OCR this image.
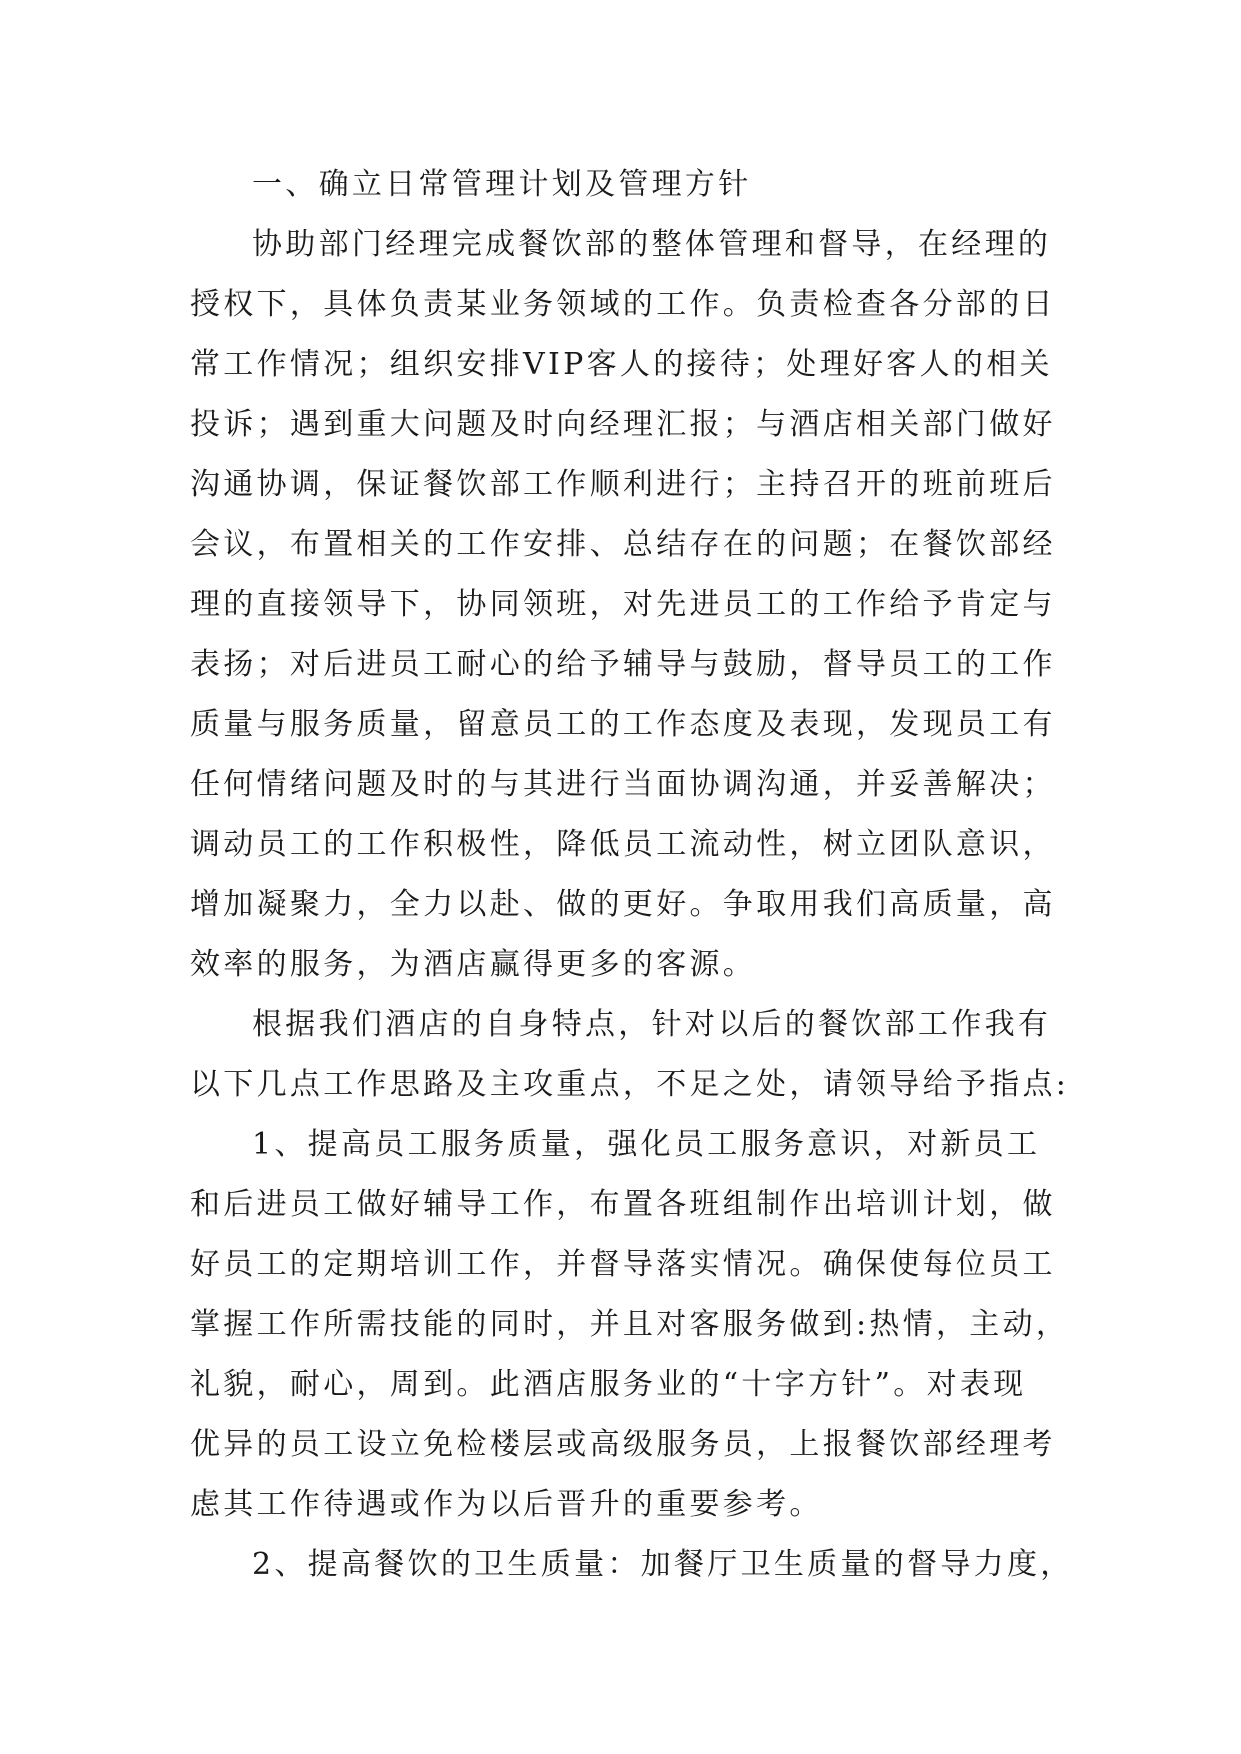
一、确立日常管理计划及管理方针
协助部门经理完成餐饮部的整体管理和督导，在经理的
授权下，具体负责某业务领域的工作。负责检查各分部的日
常工作情况；组织安排VIP客人的接待；处理好客人的相关
投诉；遇到重大问题及时向经理汇报；与酒店相关部门做好
沟通协调，保证餐饮部工作顺利进行；主持召开的班前班后
会议，布置相关的工作安排、总结存在的问题；在餐饮部经
理的直接领导下，协同领班，对先进员工的工作给予肯定与
表扬；对后进员工耐心的给予辅导与鼓励，督导员工的工作
质量与服务质量，留意员工的工作态度及表现，发现员工有
任何情绪问题及时的与其进行当面协调沟通，并妥善解决；
调动员工的工作积极性，降低员工流动性，树立团队意识，
增加凝聚力，全力以赴、做的更好。争取用我们高质量，高
效率的服务，为酒店赢得更多的客源。
根据我们酒店的自身特点，针对以后的餐饮部工作我有
以下几点工作思路及主攻重点，不足之处，请领导给予指点:
1、提高员工服务质量，强化员工服务意识，对新员工
和后进员工做好辅导工作，布置各班组制作出培训计划，做
好员工的定期培训工作，并督导落实情况。确保使每位员工
掌握工作所需技能的同时，并且对客服务做到:热情，主动，
礼貌，耐心，周到。此酒店服务业的“十字方针”。对表现
优异的员工设立免检楼层或高级服务员，上报餐饮部经理考
虑其工作待遇或作为以后晋升的重要参考。
2、提高餐饮的卫生质量：加餐厅卫生质量的督导力度，
